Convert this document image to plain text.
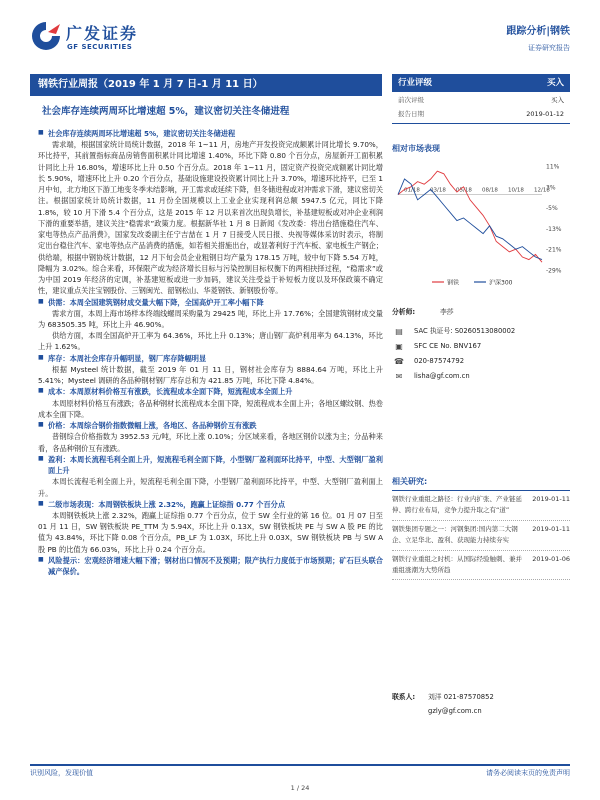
广发证券
GF SECURITIES
跟踪分析|钢铁
证券研究报告
钢铁行业周报（2019 年 1 月 7 日-1 月 11 日）
社会库存连续两周环比增速超 5%，建议密切关注冬储进程

■ 社会库存连续两周环比增速超 5%，建议密切关注冬储进程

需求端，根据国家统计局统计数据，2018 年 1~11 月，房地产开发投资完成额累计同比增长 9.70%，环比持平，其前置指标商品房销售面积累计同比增速 1.40%，环比下降 0.80 个百分点，房屋新开工面积累计同比上升 16.80%，增速环比上升 0.50 个百分点。2018 年 1~11 月，固定资产投资完成额累计同比增长 5.90%，增速环比上升 0.20 个百分点，基础设施建设投资累计同比上升 3.70%，增速环比持平，已至 1 月中旬，北方地区下游工地变冬季未结影响，开工需求或延续下降，但冬储进程或对冲需求下滑，建议密切关注。根据国家统计局统计数据，11 月份全国规模以上工业企业实现利润总额 5947.5 亿元，同比下降 1.8%，较 10 月下滑 5.4 个百分点，这是 2015 年 12 月以来首次出现负增长，补基建短板或对冲企业利润下滑的重要举措，建议关注“稳需求”政策力度。根据新华社 1 月 8 日新闻《发改委：将出台措施稳住汽车、家电等热点产品消费》，国家发改委副主任宁吉喆在 1 月 7 日接受人民日报、央视等媒体采访时表示，将制定出台稳住汽车、家电等热点产品消费的措施，如若相关措施出台，或显著利好于汽车板、家电板生产钢企；供给端，根据中钢协统计数据，12 月下旬会员企业粗钢日均产量为 178.15 万吨，较中旬下降 5.54 万吨，降幅为 3.02%。综合来看，环保限产或为经济增长目标与污染控制目标权衡下的两相抉择过程，“稳需求”或为中国 2019 年经济的定调，补基建短板或进一步加码，建议关注受益于补短板力度以及环保政策不确定性，建议重点关注宝钢股份、三钢闽光、韶钢松山、华菱钢铁、新钢股份等。

■ 供需：本周全国建筑钢材成交量大幅下降，全国高炉开工率小幅下降

需求方面，本周上海市场样本终端线螺周采购量为 29425 吨，环比上升 17.76%；全国建筑钢材成交量为 683505.35 吨，环比上升 46.90%。

供给方面，本周全国高炉开工率为 64.36%，环比上升 0.13%；唐山钢厂高炉利用率为 64.13%，环比上升 1.62%。

■ 库存：本周社会库存升幅明显，钢厂库存降幅明显

根据 Mysteel 统计数据，截至 2019 年 01 月 11 日，钢材社会库存为 8884.64 万吨，环比上升 5.41%；Mysteel 调研的各品种钢材钢厂库存总和为 421.85 万吨，环比下降 4.84%。

■ 成本：本周原材料价格互有涨跌，长流程成本全面下降，短流程成本全面上升

本周原材料价格互有涨跌；各品种钢材长流程成本全面下降，短流程成本全面上升；各地区螺纹钢、热卷成本全面下降。

■ 价格：本周综合钢价指数微幅上涨，各地区、各品种钢价互有涨跌

普钢综合价格指数为 3952.53 元/吨，环比上涨 0.10%；分区域来看，各地区钢价以涨为主；分品种来看，各品种钢价互有涨跌。

■ 盈利：本周长流程毛利全面上升，短流程毛利全面下降，小型钢厂盈利面环比持平，中型、大型钢厂盈利面上升

本周长流程毛利全面上升，短流程毛利全面下降，小型钢厂盈利面环比持平，中型、大型钢厂盈利面上升。

■ 二级市场表现：本周钢铁板块上涨 2.32%，跑赢上证综指 0.77 个百分点

本周钢铁板块上涨 2.32%，跑赢上证综指 0.77 个百分点，位于 SW 全行业的第 16 位。01 月 07 日至 01 月 11 日，SW 钢铁板块 PE_TTM 为 5.94X，环比上升 0.13X，SW 钢铁板块 PE 与 SW A 股 PE 的比值为 43.84%，环比下降 0.08 个百分点，PB_LF 为 1.03X，环比上升 0.03X，SW 钢铁板块 PB 与 SW A 股 PB 的比值为 66.03%，环比上升 0.24 个百分点。

■ 风险提示：宏观经济增速大幅下滑；钢材出口情况不及预期；限产执行力度低于市场预期；矿石巨头联合减产保价。

行业评级	买入
前次评级	买入
报告日期	2019-01-12
相对市场表现
11%
3%
-5%
-13%
-21%
-29%
01/18 03/18 05/18 08/18 10/18 12/18
钢铁	沪深300
分析师:	李莎
▤	SAC 执证号: S0260513080002
▣	SFC CE No. BNV167
☎ 020-87574792
✉	lisha@gf.com.cn
相关研究:
钢铁行业重组之路径：行业内扩张、产业链延伸、跨行业布局，竞争力提升取之有“道”
2019-01-11
钢铁集团专题之一：河钢集团:国内第二大钢企、立足华北、盈利、获现能力持续夯实
2019-01-11
钢铁行业重组之时机：从国际经验触刺、兼并重组涨潮为大势所趋
2019-01-06
联系人:	刘洋 021-87570852
gzly@gf.com.cn
识别风险，发现价值	请务必阅读末页的免责声明
1 / 24
